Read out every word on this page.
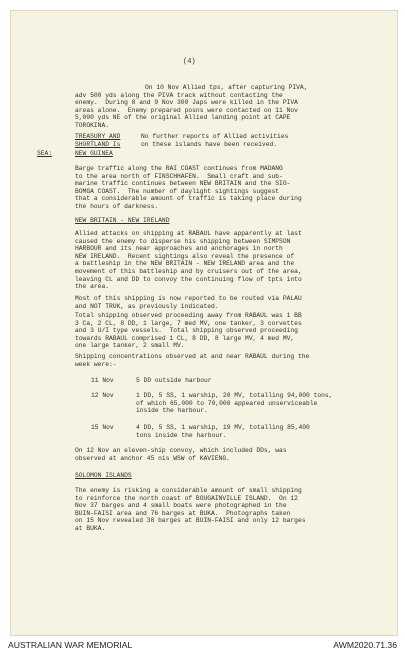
(4)
On 10 Nov Allied tps, after capturing PIVA,
adv 500 yds along the PIVA track without contacting the
enemy.  During 8 and 9 Nov 300 Japs were killed in the PIVA
areas alone.  Enemy prepared posns were contacted on 11 Nov
5,000 yds NE of the original Allied landing point at CAPE
TOROKINA.
TREASURY AND
SHORTLAND Is
No further reports of Allied activities
on these islands have been received.
SEA:	NEW GUINEA
Barge traffic along the RAI COAST continues from MADANG
to the area north of FINSCHHAFEN.  Small craft and sub-
marine traffic continues between NEW BRITAIN and the SIO-
BOMGA COAST.  The number of daylight sightings suggest
that a considerable amount of traffic is taking place during
the hours of darkness.
NEW BRITAIN - NEW IRELAND
Allied attacks on shipping at RABAUL have apparently at last
caused the enemy to disperse his shipping between SIMPSON
HARBOUR and its near approaches and anchorages in north
NEW IRELAND.  Recent sightings also reveal the presence of
a battleship in the NEW BRITAIN - NEW IRELAND area and the
movement of this battleship and by cruisers out of the area,
leaving CL and DD to convoy the continuing flow of tpts into
the area.
Most of this shipping is now reported to be routed via PALAU
and NOT TRUK, as previously indicated.
Total shipping observed proceeding away from RABAUL was 1 BB
3 Ca, 2 CL, 8 DD, 1 large, 7 med MV, one tanker, 3 corvettes
and 3 U/I type vessels.  Total shipping observed proceeding
towards RABAUL comprised 1 CL, 8 DD, 8 large MV, 4 med MV,
one large tanker, 2 small MV.
Shipping concentrations observed at and near RABAUL during the
week were:-
11 Nov	5 DD outside harbour
12 Nov	1 DD, 5 SS, 1 warship, 20 MV, totalling 94,000 tons,
of which 65,000 to 70,000 appeared unserviceable
inside the harbour.
15 Nov	4 DD, 5 SS, 1 warship, 19 MV, totalling 85,400
tons inside the harbour.
On 12 Nov an eleven-ship convoy, which included DDs, was
observed at anchor 45 nis WSW of KAVIENG.
SOLOMON ISLANDS
The enemy is risking a considerable amount of small shipping
to reinforce the north coast of BOUGAINVILLE ISLAND.  On 12
Nov 37 barges and 4 small boats were photographed in the
BUIN-FAISI area and 76 barges at BUKA.  Photographs taken
on 15 Nov revealed 38 barges at BUIN-FAISI and only 12 barges
at BUKA.
AUSTRALIAN WAR MEMORIAL	AWM2020.71.36
